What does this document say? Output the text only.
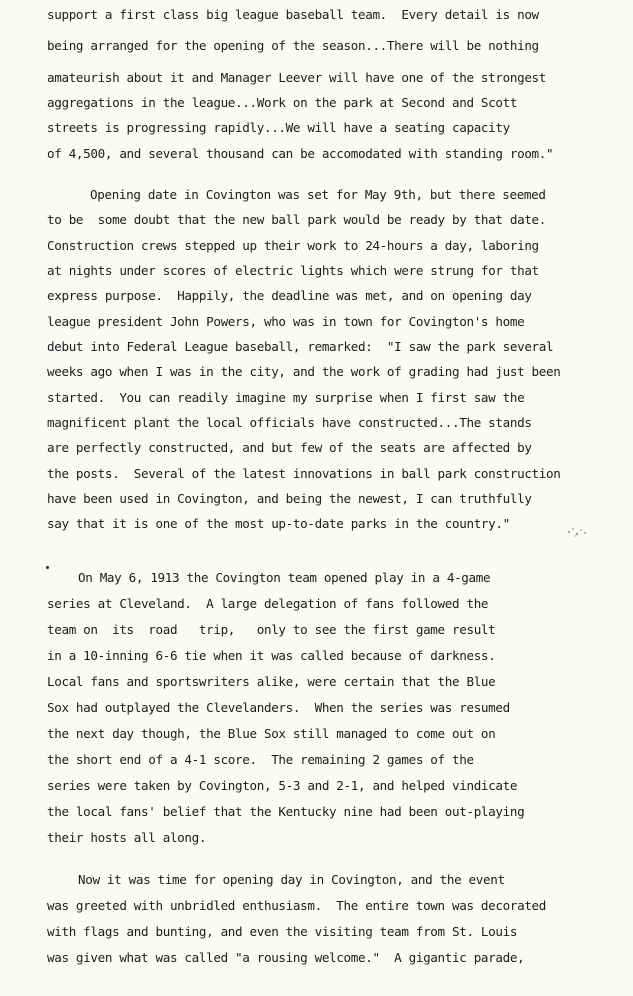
support a first class big league baseball team.  Every detail is now
being arranged for the opening of the season...There will be nothing
amateurish about it and Manager Leever will have one of the strongest
aggregations in the league...Work on the park at Second and Scott
streets is progressing rapidly...We will have a seating capacity
of 4,500, and several thousand can be accomodated with standing room."
Opening date in Covington was set for May 9th, but there seemed
to be  some doubt that the new ball park would be ready by that date.
Construction crews stepped up their work to 24-hours a day, laboring
at nights under scores of electric lights which were strung for that
express purpose.  Happily, the deadline was met, and on opening day
league president John Powers, who was in town for Covington's home
debut into Federal League baseball, remarked:  "I saw the park several
weeks ago when I was in the city, and the work of grading had just been
started.  You can readily imagine my surprise when I first saw the
magnificent plant the local officials have constructed...The stands
are perfectly constructed, and but few of the seats are affected by
the posts.  Several of the latest innovations in ball park construction
have been used in Covington, and being the newest, I can truthfully
say that it is one of the most up-to-date parks in the country."
On May 6, 1913 the Covington team opened play in a 4-game
series at Cleveland.  A large delegation of fans followed the
team on  its  road   trip,   only to see the first game result
in a 10-inning 6-6 tie when it was called because of darkness.
Local fans and sportswriters alike, were certain that the Blue
Sox had outplayed the Clevelanders.  When the series was resumed
the next day though, the Blue Sox still managed to come out on
the short end of a 4-1 score.  The remaining 2 games of the
series were taken by Covington, 5-3 and 2-1, and helped vindicate
the local fans' belief that the Kentucky nine had been out-playing
their hosts all along.
Now it was time for opening day in Covington, and the event
was greeted with unbridled enthusiasm.  The entire town was decorated
with flags and bunting, and even the visiting team from St. Louis
was given what was called "a rousing welcome."  A gigantic parade,
